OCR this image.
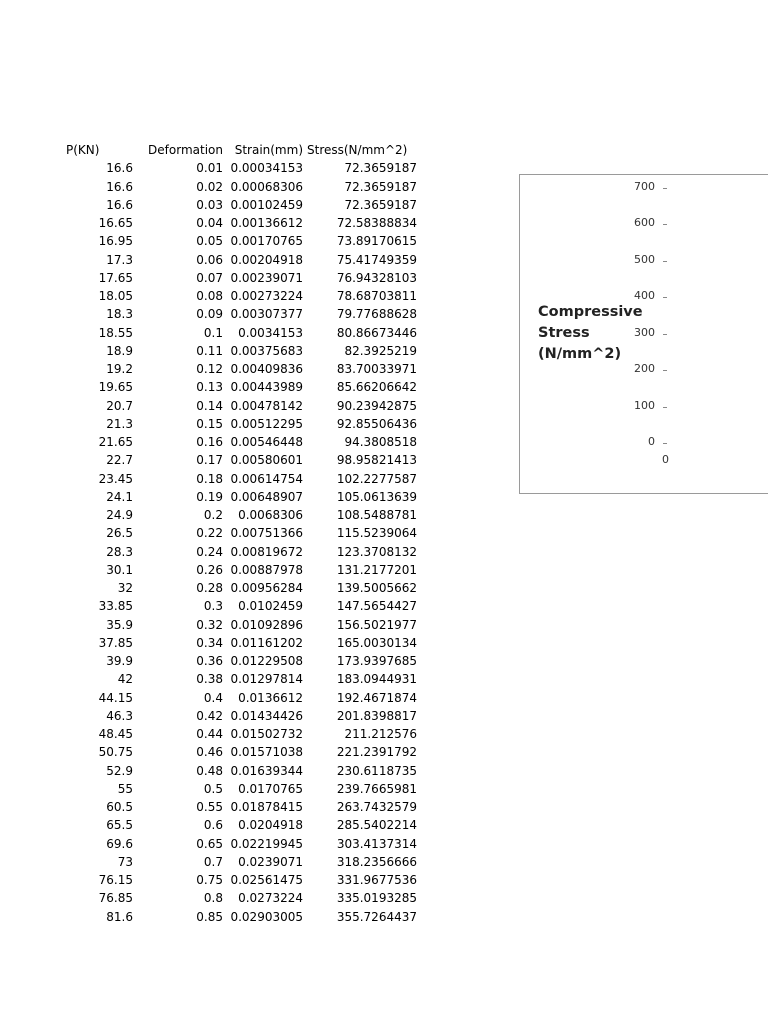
P(KN)	Deformation	Strain(mm)	Stress(N/mm^2)
16.6	0.01	0.00034153	72.3659187
16.6	0.02	0.00068306	72.3659187
16.6	0.03	0.00102459	72.3659187
16.65	0.04	0.00136612	72.58388834
16.95	0.05	0.00170765	73.89170615
17.3	0.06	0.00204918	75.41749359
17.65	0.07	0.00239071	76.94328103
18.05	0.08	0.00273224	78.68703811
18.3	0.09	0.00307377	79.77688628
18.55	0.1	0.0034153	80.86673446
18.9	0.11	0.00375683	82.3925219
19.2	0.12	0.00409836	83.70033971
19.65	0.13	0.00443989	85.66206642
20.7	0.14	0.00478142	90.23942875
21.3	0.15	0.00512295	92.85506436
21.65	0.16	0.00546448	94.3808518
22.7	0.17	0.00580601	98.95821413
23.45	0.18	0.00614754	102.2277587
24.1	0.19	0.00648907	105.0613639
24.9	0.2	0.0068306	108.5488781
26.5	0.22	0.00751366	115.5239064
28.3	0.24	0.00819672	123.3708132
30.1	0.26	0.00887978	131.2177201
32	0.28	0.00956284	139.5005662
33.85	0.3	0.0102459	147.5654427
35.9	0.32	0.01092896	156.5021977
37.85	0.34	0.01161202	165.0030134
39.9	0.36	0.01229508	173.9397685
42	0.38	0.01297814	183.0944931
44.15	0.4	0.0136612	192.4671874
46.3	0.42	0.01434426	201.8398817
48.45	0.44	0.01502732	211.212576
50.75	0.46	0.01571038	221.2391792
52.9	0.48	0.01639344	230.6118735
55	0.5	0.0170765	239.7665981
60.5	0.55	0.01878415	263.7432579
65.5	0.6	0.0204918	285.5402214
69.6	0.65	0.02219945	303.4137314
73	0.7	0.0239071	318.2356666
76.15	0.75	0.02561475	331.9677536
76.85	0.8	0.0273224	335.0193285
81.6	0.85	0.02903005	355.7264437
Compressive
Stress
(N/mm^2)
0
100
200
300
400
500
600
700
0
